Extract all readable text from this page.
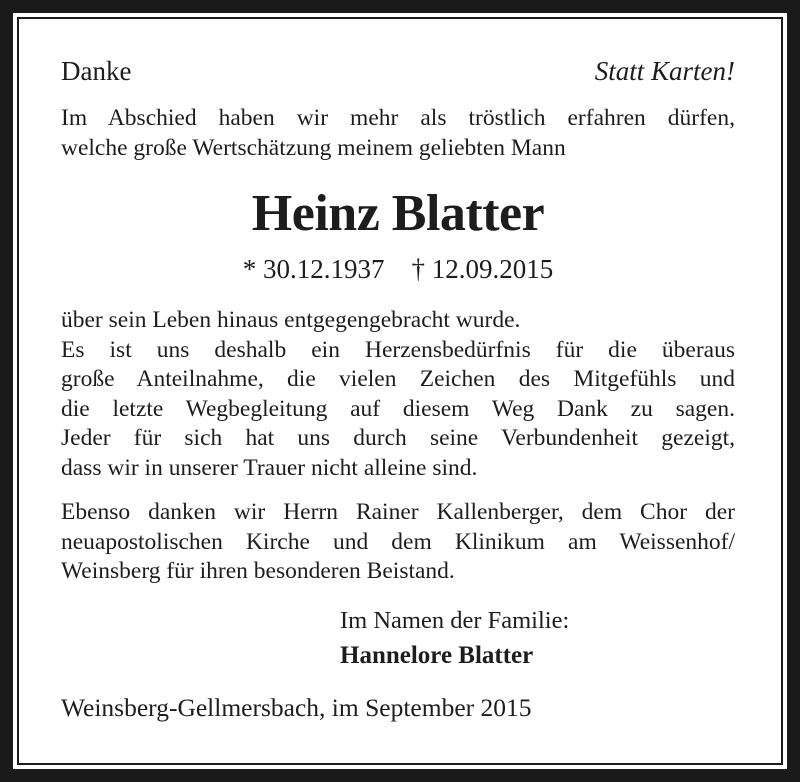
Danke	Statt Karten!
Im Abschied haben wir mehr als tröstlich erfahren dürfen,
welche große Wertschätzung meinem geliebten Mann
Heinz Blatter
* 30.12.1937 † 12.09.2015
über sein Leben hinaus entgegengebracht wurde.
Es ist uns deshalb ein Herzensbedürfnis für die überaus
große Anteilnahme, die vielen Zeichen des Mitgefühls und
die letzte Wegbegleitung auf diesem Weg Dank zu sagen.
Jeder für sich hat uns durch seine Verbundenheit gezeigt,
dass wir in unserer Trauer nicht alleine sind.
Ebenso danken wir Herrn Rainer Kallenberger, dem Chor der
neuapostolischen Kirche und dem Klinikum am Weissenhof/
Weinsberg für ihren besonderen Beistand.
Im Namen der Familie:
Hannelore Blatter
Weinsberg-Gellmersbach, im September 2015
